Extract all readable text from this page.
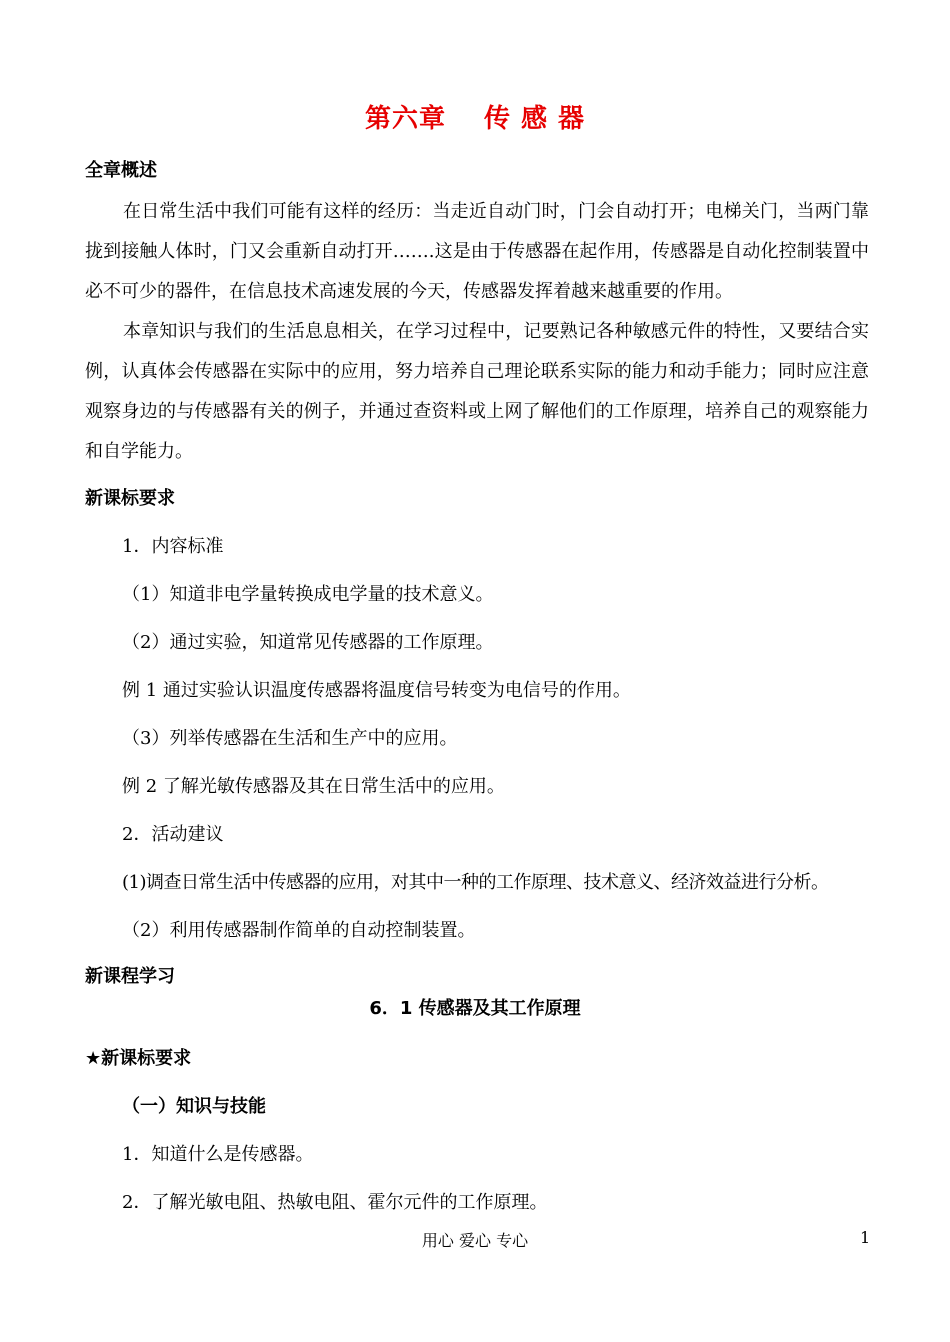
第六章 传 感 器
全章概述
在日常生活中我们可能有这样的经历：当走近自动门时，门会自动打开；电梯关门，当两门靠拢到接触人体时，门又会重新自动打开…….这是由于传感器在起作用，传感器是自动化控制装置中必不可少的器件，在信息技术高速发展的今天，传感器发挥着越来越重要的作用。
本章知识与我们的生活息息相关，在学习过程中，记要熟记各种敏感元件的特性，又要结合实例，认真体会传感器在实际中的应用，努力培养自己理论联系实际的能力和动手能力；同时应注意观察身边的与传感器有关的例子，并通过查资料或上网了解他们的工作原理，培养自己的观察能力和自学能力。
新课标要求
1．内容标准
（1）知道非电学量转换成电学量的技术意义。
（2）通过实验，知道常见传感器的工作原理。
例 1 通过实验认识温度传感器将温度信号转变为电信号的作用。
（3）列举传感器在生活和生产中的应用。
例 2 了解光敏传感器及其在日常生活中的应用。
2．活动建议
(1)调查日常生活中传感器的应用，对其中一种的工作原理、技术意义、经济效益进行分析。
（2）利用传感器制作简单的自动控制装置。
新课程学习
6．1 传感器及其工作原理
★新课标要求
（一）知识与技能
1．知道什么是传感器。
2．了解光敏电阻、热敏电阻、霍尔元件的工作原理。
用心 爱心 专心	1
